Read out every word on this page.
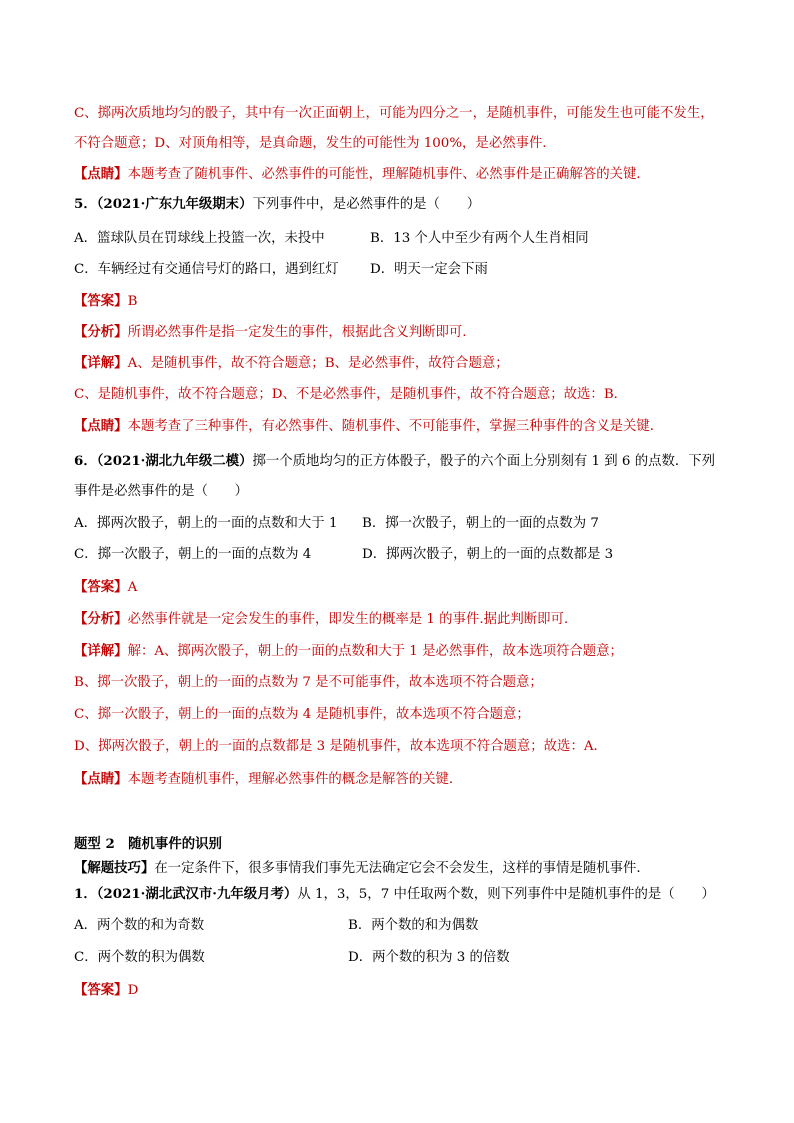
C、掷两次质地均匀的骰子，其中有一次正面朝上，可能为四分之一，是随机事件，可能发生也可能不发生，
不符合题意；D、对顶角相等，是真命题，发生的可能性为 100%，是必然事件．
【点睛】本题考查了随机事件、必然事件的可能性，理解随机事件、必然事件是正确解答的关键．
5．（2021·广东九年级期末）下列事件中，是必然事件的是（　　）
A．篮球队员在罚球线上投篮一次，未投中	B．13 个人中至少有两个人生肖相同
C．车辆经过有交通信号灯的路口，遇到红灯 D．明天一定会下雨
【答案】B
【分析】所谓必然事件是指一定发生的事件，根据此含义判断即可．
【详解】A、是随机事件，故不符合题意；B、是必然事件，故符合题意；
C、是随机事件，故不符合题意；D、不是必然事件，是随机事件，故不符合题意；故选：B．
【点睛】本题考查了三种事件，有必然事件、随机事件、不可能事件，掌握三种事件的含义是关键．
6．（2021·湖北九年级二模）掷一个质地均匀的正方体骰子，骰子的六个面上分别刻有 1 到 6 的点数．下列
事件是必然事件的是（　　）
A．掷两次骰子，朝上的一面的点数和大于 1 B．掷一次骰子，朝上的一面的点数为 7
C．掷一次骰子，朝上的一面的点数为 4	D．掷两次骰子，朝上的一面的点数都是 3
【答案】A
【分析】必然事件就是一定会发生的事件，即发生的概率是 1 的事件.据此判断即可．
【详解】解：A、掷两次骰子，朝上的一面的点数和大于 1 是必然事件，故本选项符合题意；
B、掷一次骰子，朝上的一面的点数为 7 是不可能事件，故本选项不符合题意；
C、掷一次骰子，朝上的一面的点数为 4 是随机事件，故本选项不符合题意；
D、掷两次骰子，朝上的一面的点数都是 3 是随机事件，故本选项不符合题意；故选：A．
【点睛】本题考查随机事件，理解必然事件的概念是解答的关键．
题型 2　随机事件的识别
【解题技巧】在一定条件下，很多事情我们事先无法确定它会不会发生，这样的事情是随机事件.
1．（2021·湖北武汉市·九年级月考）从 1，3，5，7 中任取两个数，则下列事件中是随机事件的是（　　）
A．两个数的和为奇数	B．两个数的和为偶数
C．两个数的积为偶数	D．两个数的积为 3 的倍数
【答案】D
